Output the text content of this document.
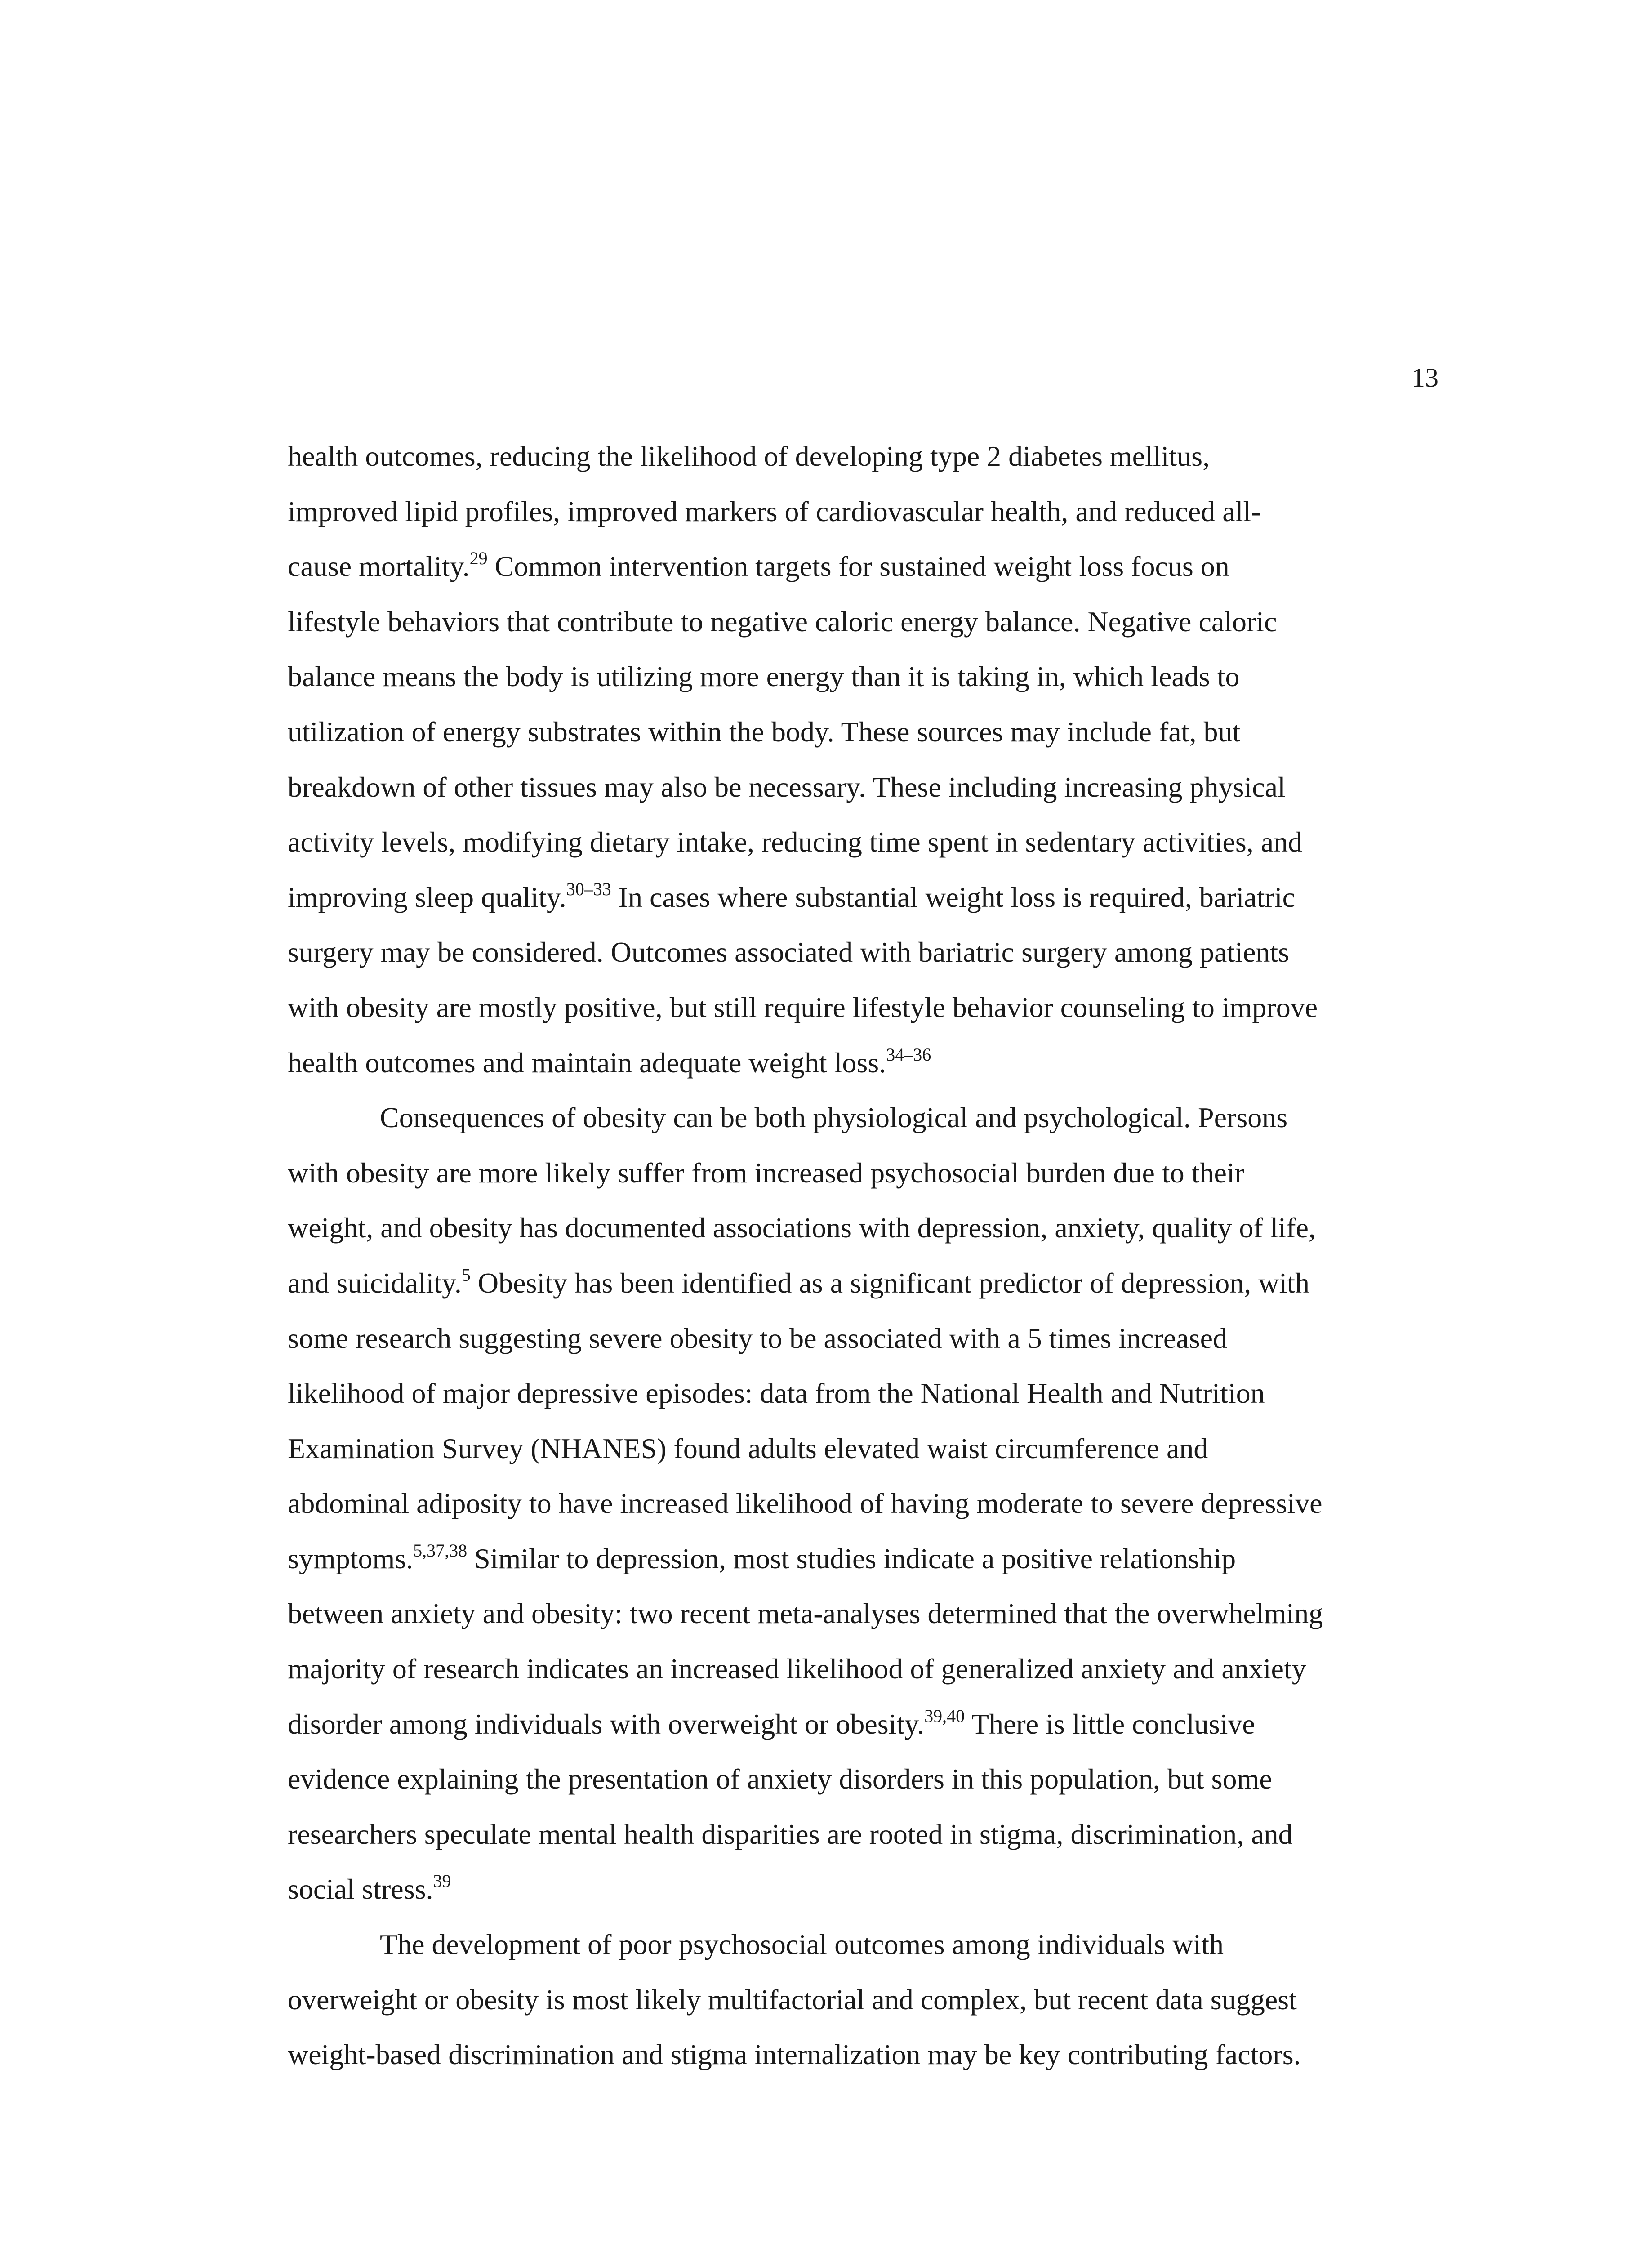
13
health outcomes, reducing the likelihood of developing type 2 diabetes mellitus,
improved lipid profiles, improved markers of cardiovascular health, and reduced all-
cause mortality.$^{29}$ Common intervention targets for sustained weight loss focus on
lifestyle behaviors that contribute to negative caloric energy balance. Negative caloric
balance means the body is utilizing more energy than it is taking in, which leads to
utilization of energy substrates within the body. These sources may include fat, but
breakdown of other tissues may also be necessary. These including increasing physical
activity levels, modifying dietary intake, reducing time spent in sedentary activities, and
improving sleep quality.$^{30-33}$ In cases where substantial weight loss is required, bariatric
surgery may be considered. Outcomes associated with bariatric surgery among patients
with obesity are mostly positive, but still require lifestyle behavior counseling to improve
health outcomes and maintain adequate weight loss.$^{34-36}$
Consequences of obesity can be both physiological and psychological. Persons
with obesity are more likely suffer from increased psychosocial burden due to their
weight, and obesity has documented associations with depression, anxiety, quality of life,
and suicidality.$^5$ Obesity has been identified as a significant predictor of depression, with
some research suggesting severe obesity to be associated with a 5 times increased
likelihood of major depressive episodes: data from the National Health and Nutrition
Examination Survey (NHANES) found adults elevated waist circumference and
abdominal adiposity to have increased likelihood of having moderate to severe depressive
symptoms.$^{5,37,38}$ Similar to depression, most studies indicate a positive relationship
between anxiety and obesity: two recent meta-analyses determined that the overwhelming
majority of research indicates an increased likelihood of generalized anxiety and anxiety
disorder among individuals with overweight or obesity.$^{39,40}$ There is little conclusive
evidence explaining the presentation of anxiety disorders in this population, but some
researchers speculate mental health disparities are rooted in stigma, discrimination, and
social stress.$^{39}$
The development of poor psychosocial outcomes among individuals with
overweight or obesity is most likely multifactorial and complex, but recent data suggest
weight-based discrimination and stigma internalization may be key contributing factors.
